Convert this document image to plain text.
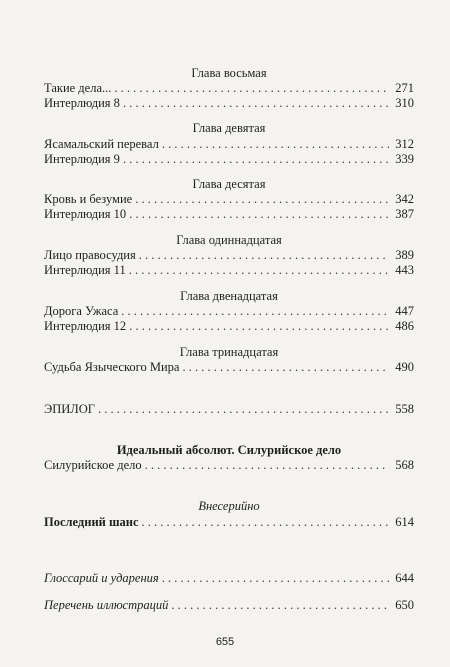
Глава восьмая
Такие дела... . . .	271
Интерлюдия 8 . . .	310
Глава девятая
Ясамальский перевал . . .	312
Интерлюдия 9 . . .	339
Глава десятая
Кровь и безумие . . .	342
Интерлюдия 10 . . .	387
Глава одиннадцатая
Лицо правосудия . . .	389
Интерлюдия 11 . . .	443
Глава двенадцатая
Дорога Ужаса . . .	447
Интерлюдия 12 . . .	486
Глава тринадцатая
Судьба Языческого Мира . . .	490
ЭПИЛОГ . . .	558
Идеальный абсолют. Силурийское дело
Силурийское дело . . .	568
Внесерийно
Последний шанс . . .	614
Глоссарий и ударения . . .	644
Перечень иллюстраций . . .	650
655
